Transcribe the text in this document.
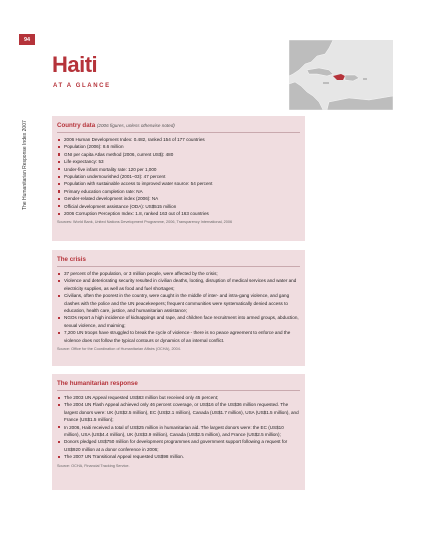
94
The Humanitarian Response Index 2007
Haiti
AT A GLANCE
Country data (2006 figures, unless otherwise noted)
2006 Human Development Index: 0.482, ranked 154 of 177 countries
Population (2006): 8.6 million
GNI per capita Atlas method (2006, current US$): 480
Life expectancy: 53
Under-five infant mortality rate: 120 per 1,000
Population undernourished (2001–03): 47 percent
Population with sustainable access to improved water source: 54 percent
Primary education completion rate: NA
Gender-related development index (2006): NA
Official development assistance (ODA): US$515 million
2006 Corruption Perception Index: 1.8, ranked 163 out of 163 countries
Sources: World Bank, United Nations Development Programme, 2006, Transparency International, 2006
The crisis
37 percent of the population, or 3 million people, were affected by the crisis;
Violence and deteriorating security resulted in civilian deaths, looting, disruption of medical services and water and electricity supplies, as well as food and fuel shortages;
Civilians, often the poorest in the country, were caught in the middle of inter- and intra-gang violence, and gang clashes with the police and the UN peacekeepers; frequent communities were systematically denied access to education, health care, justice, and humanitarian assistance;
NGOs report a high incidence of kidnappings and rape, and children face recruitment into armed groups, abduction, sexual violence, and maiming;
7,200 UN troops have struggled to break the cycle of violence - there is no peace agreement to enforce and the violence does not follow the typical contours or dynamics of an internal conflict.
Source: Office for the Coordination of Humanitarian Affairs (OCHA), 2004.
The humanitarian response
The 2003 UN Appeal requested US$83 million but received only 45 percent;
The 2004 UN Flash Appeal achieved only 46 percent coverage, or US$16 of the US$36 million requested. The largest donors were: UK (US$2.5 million), EC (US$2.1 million), Canada (US$1.7 million), USA (US$1.5 million), and France (US$1.5 million);
In 2006, Haiti received a total of US$25 million in humanitarian aid. The largest donors were: the EC (US$10 million), USA (US$4.4 million), UK (US$3.9 million), Canada (US$2.5 million), and France (US$2.5 million);
Donors pledged US$750 million for development programmes and government support following a request for US$920 million at a donor conference in 2006;
The 2007 UN Transitional Appeal requested US$98 million.
Source: OCHA, Financial Tracking Service.
